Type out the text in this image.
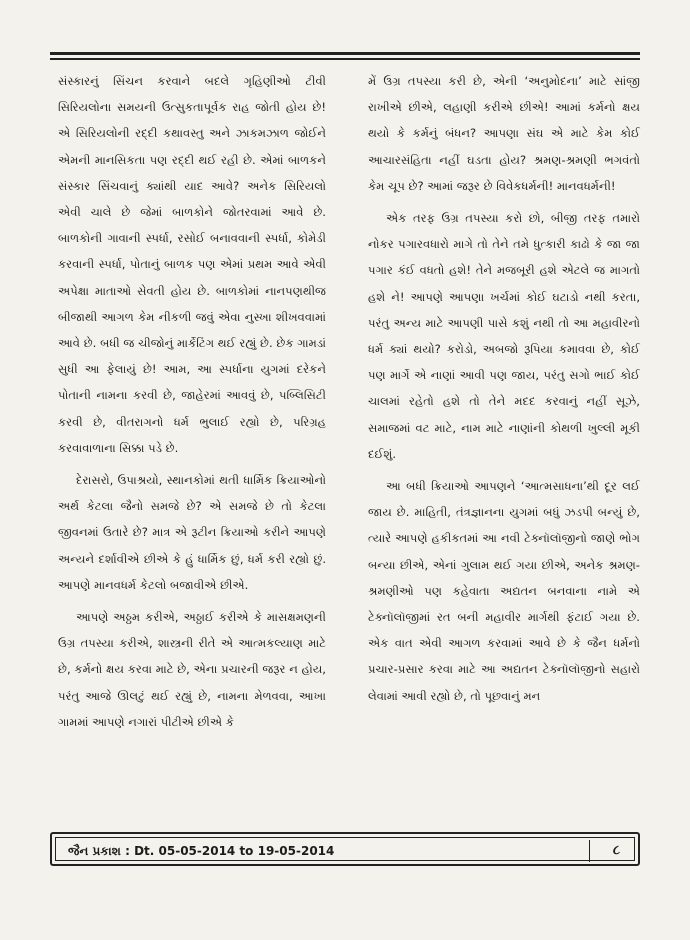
સંસ્કારનું સિંચન કરવાને બદલે ગૃહિણીઓ ટીવી સિરિયલોના સમયની ઉત્સુકતાપૂર્વક રાહ જોતી હોય છે! એ સિરિયલોની રદ્દી કથાવસ્તુ અને ઝાકમઝાળ જોઈને એમની માનસિકતા પણ રદ્દી થઈ રહી છે. એમાં બાળકને સંસ્કાર સિંચવાનું ક્યાંથી યાદ આવે? અનેક સિરિયલો એવી ચાલે છે જેમાં બાળકોને જોતરવામાં આવે છે. બાળકોની ગાવાની સ્પર્ધા, રસોઈ બનાવવાની સ્પર્ધા, કોમેડી કરવાની સ્પર્ધા, પોતાનું બાળક પણ એમાં પ્રથમ આવે એવી અપેક્ષા માતાઓ સેવતી હોય છે. બાળકોમાં નાનપણથીજ બીજાથી આગળ કેમ નીકળી જવું એવા નુસ્ખા શીખવવામાં આવે છે. બધી જ ચીજોનું માર્કેટિંગ થઈ રહ્યું છે. છેક ગામડાં સુધી આ ફેલાયું છે! આમ, આ સ્પર્ધાના યુગમાં દરેકને પોતાની નામના કરવી છે, જાહેરમાં આવવું છે, પબ્લિસિટી કરવી છે, વીતરાગનો ધર્મ ભુલાઈ રહ્યો છે, પરિગ્રહ કરવાવાળાના સિક્કા પડે છે.

દેરાસરો, ઉપાશ્રયો, સ્થાનકોમાં થતી ધાર્મિક ક્રિયાઓનો અર્થ કેટલા જૈનો સમજે છે? એ સમજે છે તો કેટલા જીવનમાં ઉતારે છે? માત્ર એ રૂટીન ક્રિયાઓ કરીને આપણે અન્યને દર્શાવીએ છીએ કે હું ધાર્મિક છું, ધર્મ કરી રહ્યો છું. આપણે માનવધર્મ કેટલો બજાવીએ છીએ.

આપણે અઠ્ઠમ કરીએ, અઠ્ઠાઈ કરીએ કે માસક્ષમણની ઉગ્ર તપસ્યા કરીએ, શાસ્ત્રની રીતે એ આત્મકલ્યાણ માટે છે, કર્મનો ક્ષય કરવા માટે છે, એના પ્રચારની જરૂર ન હોય, પરંતુ આજે ઊલટું થઈ રહ્યું છે, નામના મેળવવા, આખા ગામમાં આપણે નગારાં પીટીએ છીએ કે

મેં ઉગ્ર તપસ્યા કરી છે, એની ‘અનુમોદના’ માટે સાંજી રાખીએ છીએ, લહાણી કરીએ છીએ! આમાં કર્મનો ક્ષય થયો કે કર્મનું બંધન? આપણા સંઘ એ માટે કેમ કોઈ આચારસંહિતા નહીં ઘડતા હોય? શ્રમણ-શ્રમણી ભગવંતો કેમ ચૂપ છે? આમાં જરૂર છે વિવેકધર્મની! માનવધર્મની!

એક તરફ ઉગ્ર તપસ્યા કરો છો, બીજી તરફ તમારો નોકર પગારવધારો માગે તો તેને તમે ધુત્કારી કાઢો કે જા જા પગાર કંઈ વધતો હશે! તેને મજબૂરી હશે એટલે જ માગતો હશે ને! આપણે આપણા ખર્ચમાં કોઈ ઘટાડો નથી કરતા, પરંતુ અન્ય માટે આપણી પાસે કશું નથી તો આ મહાવીરનો ધર્મ ક્યાં થયો? કરોડો, અબજો રૂપિયા કમાવવા છે, કોઈ પણ માર્ગે એ નાણાં આવી પણ જાય, પરંતુ સગો ભાઈ કોઈ ચાલમાં રહેતો હશે તો તેને મદદ કરવાનું નહીં સૂઝે, સમાજમાં વટ માટે, નામ માટે નાણાંની કોથળી ખુલ્લી મૂકી દઈશું.

આ બધી ક્રિયાઓ આપણને ‘આત્મસાધના’થી દૂર લઈ જાય છે. માહિતી, તંત્રજ્ઞાનના યુગમાં બધું ઝડપી બન્યું છે, ત્યારે આપણે હકીકતમાં આ નવી ટેક્નૉલૉજીનો જાણે ભોગ બન્યા છીએ, એનાં ગુલામ થઈ ગયા છીએ, અનેક શ્રમણ-શ્રમણીઓ પણ કહેવાતા અદ્યતન બનવાના નામે એ ટેક્નૉલૉજીમાં રત બની મહાવીર માર્ગથી ફંટાઈ ગયા છે. એક વાત એવી આગળ કરવામાં આવે છે કે જૈન ધર્મનો પ્રચાર-પ્રસાર કરવા માટે આ અદ્યતન ટેક્નૉલૉજીનો સહારો લેવામાં આવી રહ્યો છે, તો પૂછવાનું મન

જૈન પ્રકાશ : Dt. 05-05-2014 to 19-05-2014	૮
